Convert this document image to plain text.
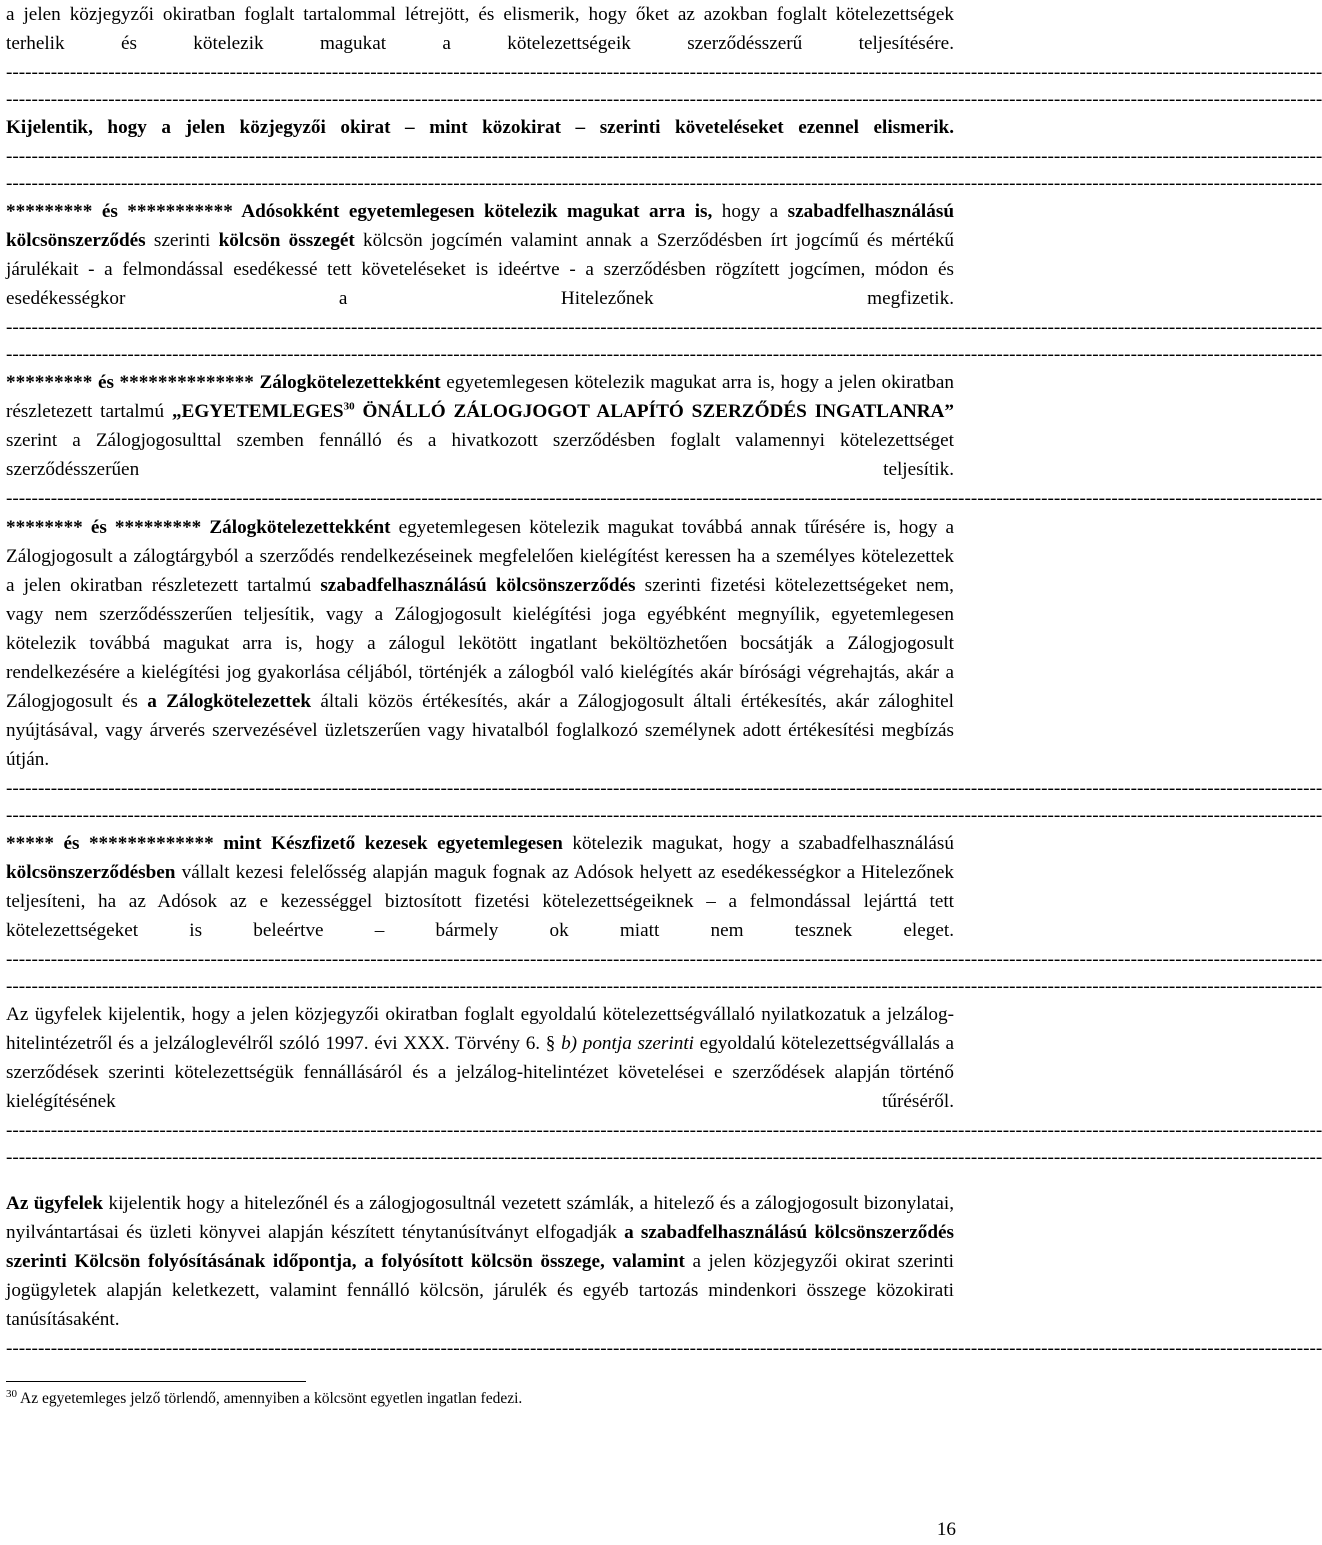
a jelen közjegyzői okiratban foglalt tartalommal létrejött, és elismerik, hogy őket az azokban foglalt kötelezettségek terhelik és kötelezik magukat a kötelezettségeik szerződésszerű teljesítésére.--------------------------------------------------------------------------------------------------------------------------------------------------------------------------------------------------------------

--------------------------------------------------------------------------------------------------------------------------------------------------------------------------------------------------------------

Kijelentik, hogy a jelen közjegyzői okirat – mint közokirat – szerinti követeléseket ezennel elismerik.--------------------------------------------------------------------------------------------------------------------------------------------------------------------------------------------------------------

--------------------------------------------------------------------------------------------------------------------------------------------------------------------------------------------------------------

********* és *********** Adósokként egyetemlegesen kötelezik magukat arra is, hogy a szabadfelhasználású kölcsönszerződés szerinti kölcsön összegét kölcsön jogcímén valamint annak a Szerződésben írt jogcímű és mértékű járulékait - a felmondással esedékessé tett követeléseket is ideértve - a szerződésben rögzített jogcímen, módon és esedékességkor a Hitelezőnek megfizetik.--------------------------------------------------------------------------------------------------------------------------------------------------------------------------------------------------------------

--------------------------------------------------------------------------------------------------------------------------------------------------------------------------------------------------------------

********* és ************** Zálogkötelezettekként egyetemlegesen kötelezik magukat arra is, hogy a jelen okiratban részletezett tartalmú „EGYETEMLEGES$^{30}$ ÖNÁLLÓ ZÁLOGJOGOT ALAPÍTÓ SZERZŐDÉS INGATLANRA” szerint a Zálogjogosulttal szemben fennálló és a hivatkozott szerződésben foglalt valamennyi kötelezettséget szerződésszerűen teljesítik.--------------------------------------------------------------------------------------------------------------------------------------------------------------------------------------------------------------

******** és ********* Zálogkötelezettekként egyetemlegesen kötelezik magukat továbbá annak tűrésére is, hogy a Zálogjogosult a zálogtárgyból a szerződés rendelkezéseinek megfelelően kielégítést keressen ha a személyes kötelezettek a jelen okiratban részletezett tartalmú szabadfelhasználású kölcsönszerződés szerinti fizetési kötelezettségeket nem, vagy nem szerződésszerűen teljesítik, vagy a Zálogjogosult kielégítési joga egyébként megnyílik, egyetemlegesen kötelezik továbbá magukat arra is, hogy a zálogul lekötött ingatlant beköltözhetően bocsátják a Zálogjogosult rendelkezésére a kielégítési jog gyakorlása céljából, történjék a zálogból való kielégítés akár bírósági végrehajtás, akár a Zálogjogosult és a Zálogkötelezettek általi közös értékesítés, akár a Zálogjogosult általi értékesítés, akár záloghitel nyújtásával, vagy árverés szervezésével üzletszerűen vagy hivatalból foglalkozó személynek adott értékesítési megbízás útján.--------------------------------------------------------------------------------------------------------------------------------------------------------------------------------------------------------------

--------------------------------------------------------------------------------------------------------------------------------------------------------------------------------------------------------------

***** és ************* mint Készfizető kezesek egyetemlegesen kötelezik magukat, hogy a szabadfelhasználású kölcsönszerződésben vállalt kezesi felelősség alapján maguk fognak az Adósok helyett az esedékességkor a Hitelezőnek teljesíteni, ha az Adósok az e kezességgel biztosított fizetési kötelezettségeiknek – a felmondással lejárttá tett kötelezettségeket is beleértve – bármely ok miatt nem tesznek eleget.--------------------------------------------------------------------------------------------------------------------------------------------------------------------------------------------------------------

--------------------------------------------------------------------------------------------------------------------------------------------------------------------------------------------------------------

Az ügyfelek kijelentik, hogy a jelen közjegyzői okiratban foglalt egyoldalú kötelezettségvállaló nyilatkozatuk a jelzálog-hitelintézetről és a jelzáloglevélről szóló 1997. évi XXX. Törvény 6. § b) pontja szerinti egyoldalú kötelezettségvállalás a szerződések szerinti kötelezettségük fennállásáról és a jelzálog-hitelintézet követelései e szerződések alapján történő kielégítésének tűréséről.--------------------------------------------------------------------------------------------------------------------------------------------------------------------------------------------------------------

--------------------------------------------------------------------------------------------------------------------------------------------------------------------------------------------------------------

Az ügyfelek kijelentik hogy a hitelezőnél és a zálogjogosultnál vezetett számlák, a hitelező és a zálogjogosult bizonylatai, nyilvántartásai és üzleti könyvei alapján készített ténytanúsítványt elfogadják a szabadfelhasználású kölcsönszerződés szerinti Kölcsön folyósításának időpontja, a folyósított kölcsön összege, valamint a jelen közjegyzői okirat szerinti jogügyletek alapján keletkezett, valamint fennálló kölcsön, járulék és egyéb tartozás mindenkori összege közokirati tanúsításaként.--------------------------------------------------------------------------------------------------------------------------------------------------------------------------------------------------------------

$^{30}$ Az egyetemleges jelző törlendő, amennyiben a kölcsönt egyetlen ingatlan fedezi.

16
